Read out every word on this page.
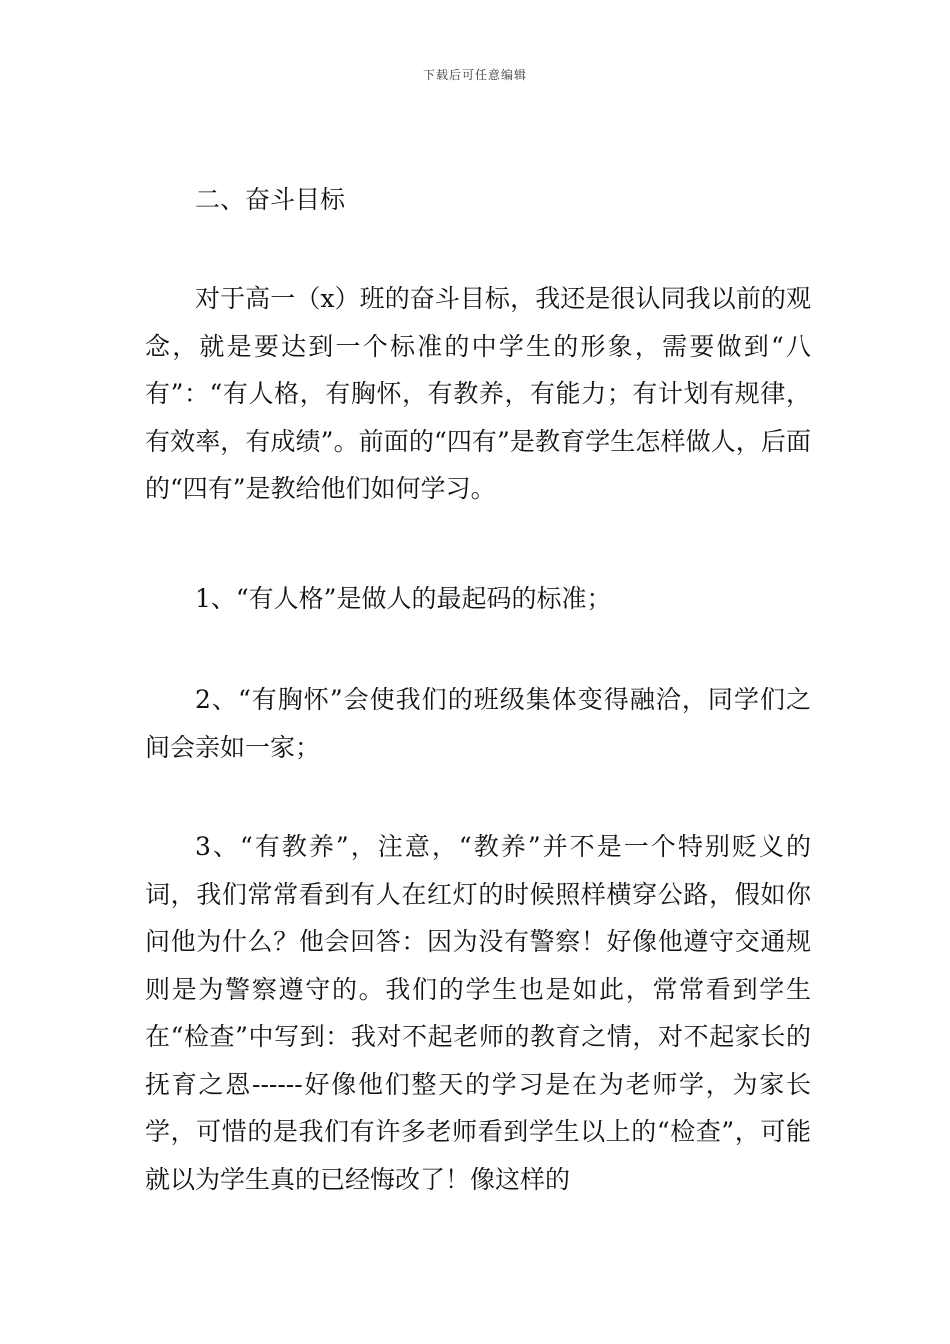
下载后可任意编辑

二、奋斗目标

对于高一（x）班的奋斗目标，我还是很认同我以前的观念，就是要达到一个标准的中学生的形象，需要做到“八有”：“有人格，有胸怀，有教养，有能力；有计划有规律，有效率，有成绩”。前面的“四有”是教育学生怎样做人，后面的“四有”是教给他们如何学习。

1、“有人格”是做人的最起码的标准；

2、“有胸怀”会使我们的班级集体变得融洽，同学们之间会亲如一家；

3、“有教养”，注意，“教养”并不是一个特别贬义的词，我们常常看到有人在红灯的时候照样横穿公路，假如你问他为什么？他会回答：因为没有警察！好像他遵守交通规则是为警察遵守的。我们的学生也是如此，常常看到学生在“检查”中写到：我对不起老师的教育之情，对不起家长的抚育之恩------好像他们整天的学习是在为老师学，为家长学，可惜的是我们有许多老师看到学生以上的“检查”，可能就以为学生真的已经悔改了！像这样的
